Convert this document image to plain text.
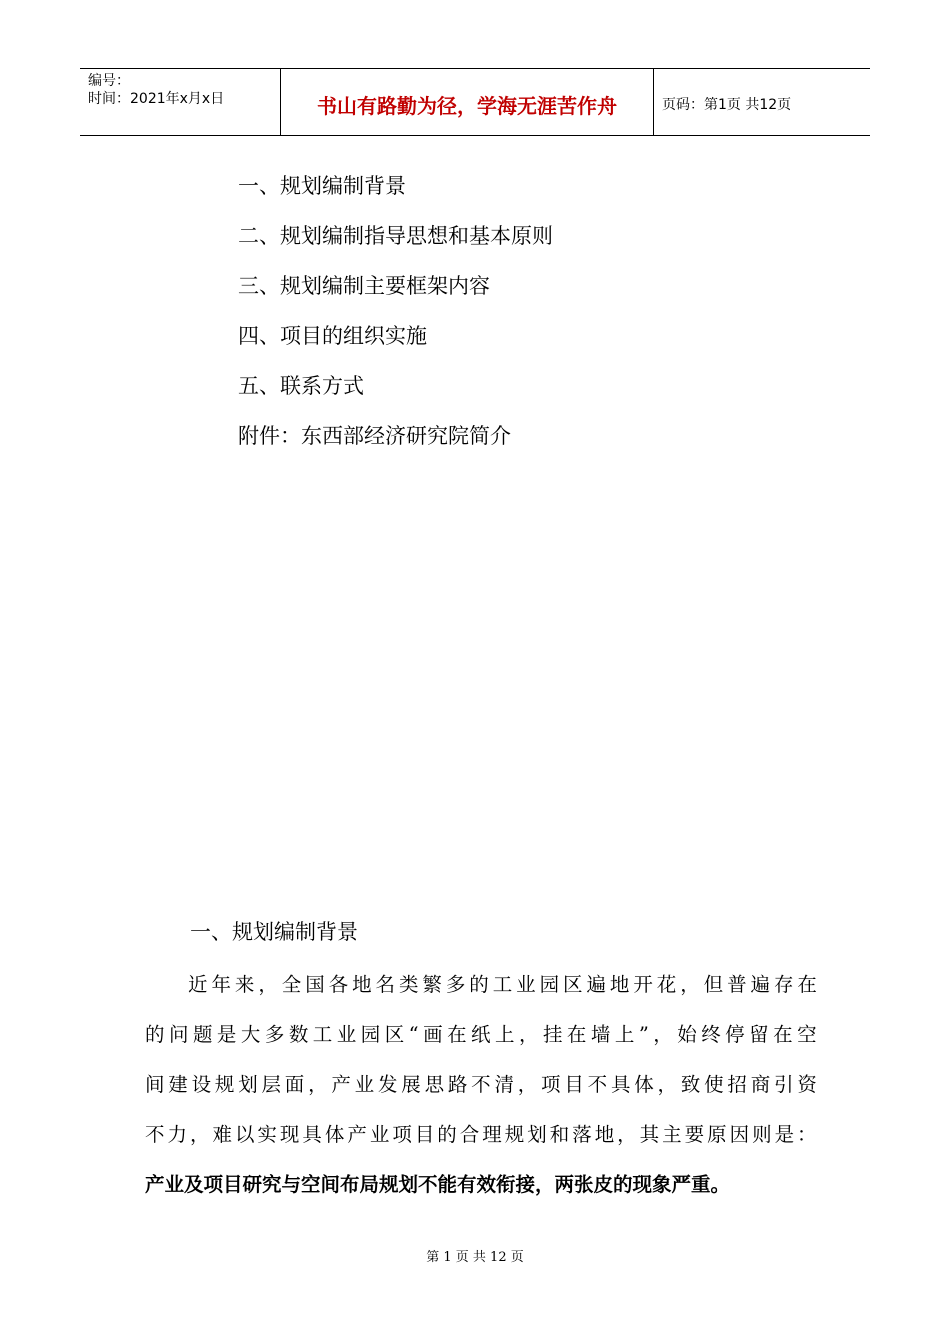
编号：
时间：2021年x月x日	书山有路勤为径，学海无涯苦作舟	页码：第1页 共12页
一、规划编制背景
二、规划编制指导思想和基本原则
三、规划编制主要框架内容
四、项目的组织实施
五、联系方式
附件：东西部经济研究院简介
一、规划编制背景
近 年 来 ， 全 国 各 地 名 类 繁 多 的 工 业 园 区 遍 地 开 花 ， 但 普 遍 存 在
的 问 题 是 大 多 数 工 业 园 区 “ 画 在 纸 上 ， 挂 在 墙 上 ” ， 始 终 停 留 在 空
间 建 设 规 划 层 面 ， 产 业 发 展 思 路 不 清 ， 项 目 不 具 体 ， 致 使 招 商 引 资
不 力 ， 难 以 实 现 具 体 产 业 项 目 的 合 理 规 划 和 落 地 ， 其 主 要 原 因 则 是 ：
产业及项目研究与空间布局规划不能有效衔接，两张皮的现象严重。
第 1 页 共 12 页
